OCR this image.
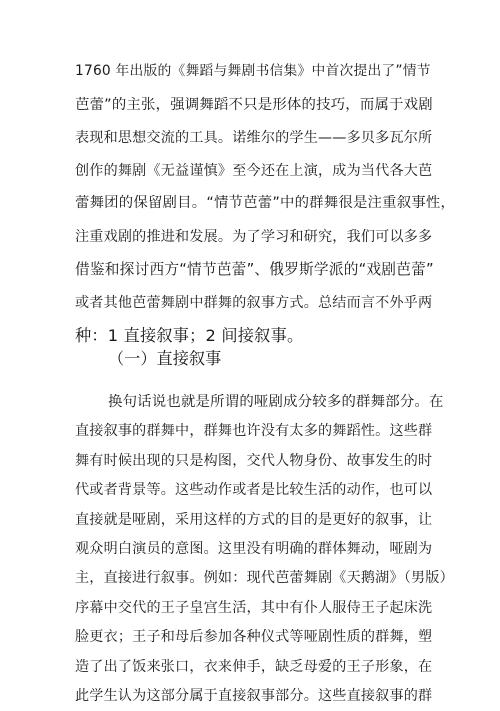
1760 年出版的《舞蹈与舞剧书信集》中首次提出了”情节
芭蕾”的主张，强调舞蹈不只是形体的技巧，而属于戏剧
表现和思想交流的工具。诺维尔的学生——多贝多瓦尔所
创作的舞剧《无益谨慎》至今还在上演，成为当代各大芭
蕾舞团的保留剧目。“情节芭蕾”中的群舞很是注重叙事性，
注重戏剧的推进和发展。为了学习和研究，我们可以多多
借鉴和探讨西方“情节芭蕾”、俄罗斯学派的“戏剧芭蕾”
或者其他芭蕾舞剧中群舞的叙事方式。总结而言不外乎两
种：1 直接叙事；2 间接叙事。
（一）直接叙事
换句话说也就是所谓的哑剧成分较多的群舞部分。在
直接叙事的群舞中，群舞也许没有太多的舞蹈性。这些群
舞有时候出现的只是构图，交代人物身份、故事发生的时
代或者背景等。这些动作或者是比较生活的动作，也可以
直接就是哑剧，采用这样的方式的目的是更好的叙事，让
观众明白演员的意图。这里没有明确的群体舞动，哑剧为
主，直接进行叙事。例如：现代芭蕾舞剧《天鹅湖》（男版）
序幕中交代的王子皇宫生活，其中有仆人服侍王子起床洗
脸更衣；王子和母后参加各种仪式等哑剧性质的群舞，塑
造了出了饭来张口，衣来伸手，缺乏母爱的王子形象，在
此学生认为这部分属于直接叙事部分。这些直接叙事的群
